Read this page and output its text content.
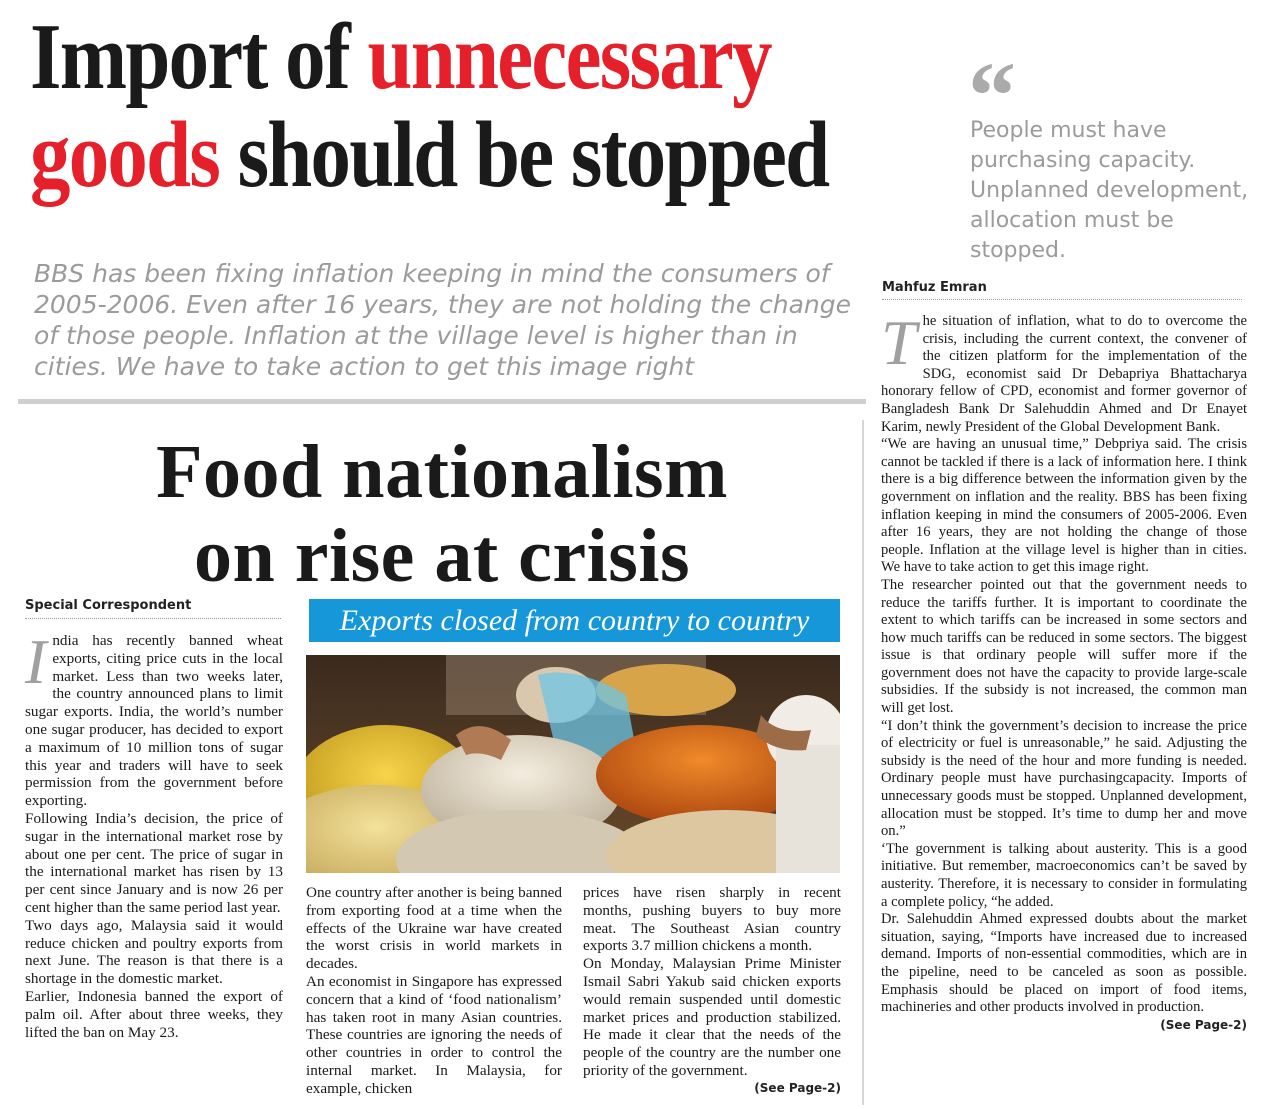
Import of unnecessary
goods should be stopped
BBS has been fixing inflation keeping in mind the consumers of 2005-2006. Even after 16 years, they are not holding the change of those people. Inflation at the village level is higher than in cities. We have to take action to get this image right
“
People must have purchasing capacity. Unplanned development, allocation must be stopped.
Mahfuz Emran
Food nationalism
on rise at crisis
Special Correspondent	Exports closed from country to country

India has recently banned wheat exports, citing price cuts in the local market. Less than two weeks later, the country announced plans to limit sugar exports. India, the world’s number one sugar producer, has decided to export a maximum of 10 million tons of sugar this year and traders will have to seek permission from the government before exporting.

Following India’s decision, the price of sugar in the international market rose by about one per cent. The price of sugar in the international market has risen by 13 per cent since January and is now 26 per cent higher than the same period last year.

Two days ago, Malaysia said it would reduce chicken and poultry exports from next June. The reason is that there is a shortage in the domestic market.

Earlier, Indonesia banned the export of palm oil. After about three weeks, they lifted the ban on May 23.

One country after another is being banned from exporting food at a time when the effects of the Ukraine war have created the worst crisis in world markets in decades.

An economist in Singapore has expressed concern that a kind of ‘food nationalism’ has taken root in many Asian countries. These countries are ignoring the needs of other countries in order to control the internal market. In Malaysia, for example, chicken

prices have risen sharply in recent months, pushing buyers to buy more meat. The Southeast Asian country exports 3.7 million chickens a month.

On Monday, Malaysian Prime Minister Ismail Sabri Yakub said chicken exports would remain suspended until domestic market prices and production stabilized. He made it clear that the needs of the people of the country are the number one priority of the government.

(See Page-2)

The situation of inflation, what to do to overcome the crisis, including the current context, the convener of the citizen platform for the implementation of the SDG, economist said Dr Debapriya Bhattacharya honorary fellow of CPD, economist and former governor of Bangladesh Bank Dr Salehuddin Ahmed and Dr Enayet Karim, newly President of the Global Development Bank.

“We are having an unusual time,” Debpriya said. The crisis cannot be tackled if there is a lack of information here. I think there is a big difference between the information given by the government on inflation and the reality. BBS has been fixing inflation keeping in mind the consumers of 2005-2006. Even after 16 years, they are not holding the change of those people. Inflation at the village level is higher than in cities. We have to take action to get this image right.

The researcher pointed out that the government needs to reduce the tariffs further. It is important to coordinate the extent to which tariffs can be increased in some sectors and how much tariffs can be reduced in some sectors. The biggest issue is that ordinary people will suffer more if the government does not have the capacity to provide large-scale subsidies. If the subsidy is not increased, the common man will get lost.

“I don’t think the government’s decision to increase the price of electricity or fuel is unreasonable,” he said. Adjusting the subsidy is the need of the hour and more funding is needed. Ordinary people must have purchasingcapacity. Imports of unnecessary goods must be stopped. Unplanned development, allocation must be stopped. It’s time to dump her and move on.”

‘The government is talking about austerity. This is a good initiative. But remember, macroeconomics can’t be saved by austerity. Therefore, it is necessary to consider in formulating a complete policy, “he added.

Dr. Salehuddin Ahmed expressed doubts about the market situation, saying, “Imports have increased due to increased demand. Imports of non-essential commodities, which are in the pipeline, need to be canceled as soon as possible. Emphasis should be placed on import of food items, machineries and other products involved in production.

(See Page-2)
